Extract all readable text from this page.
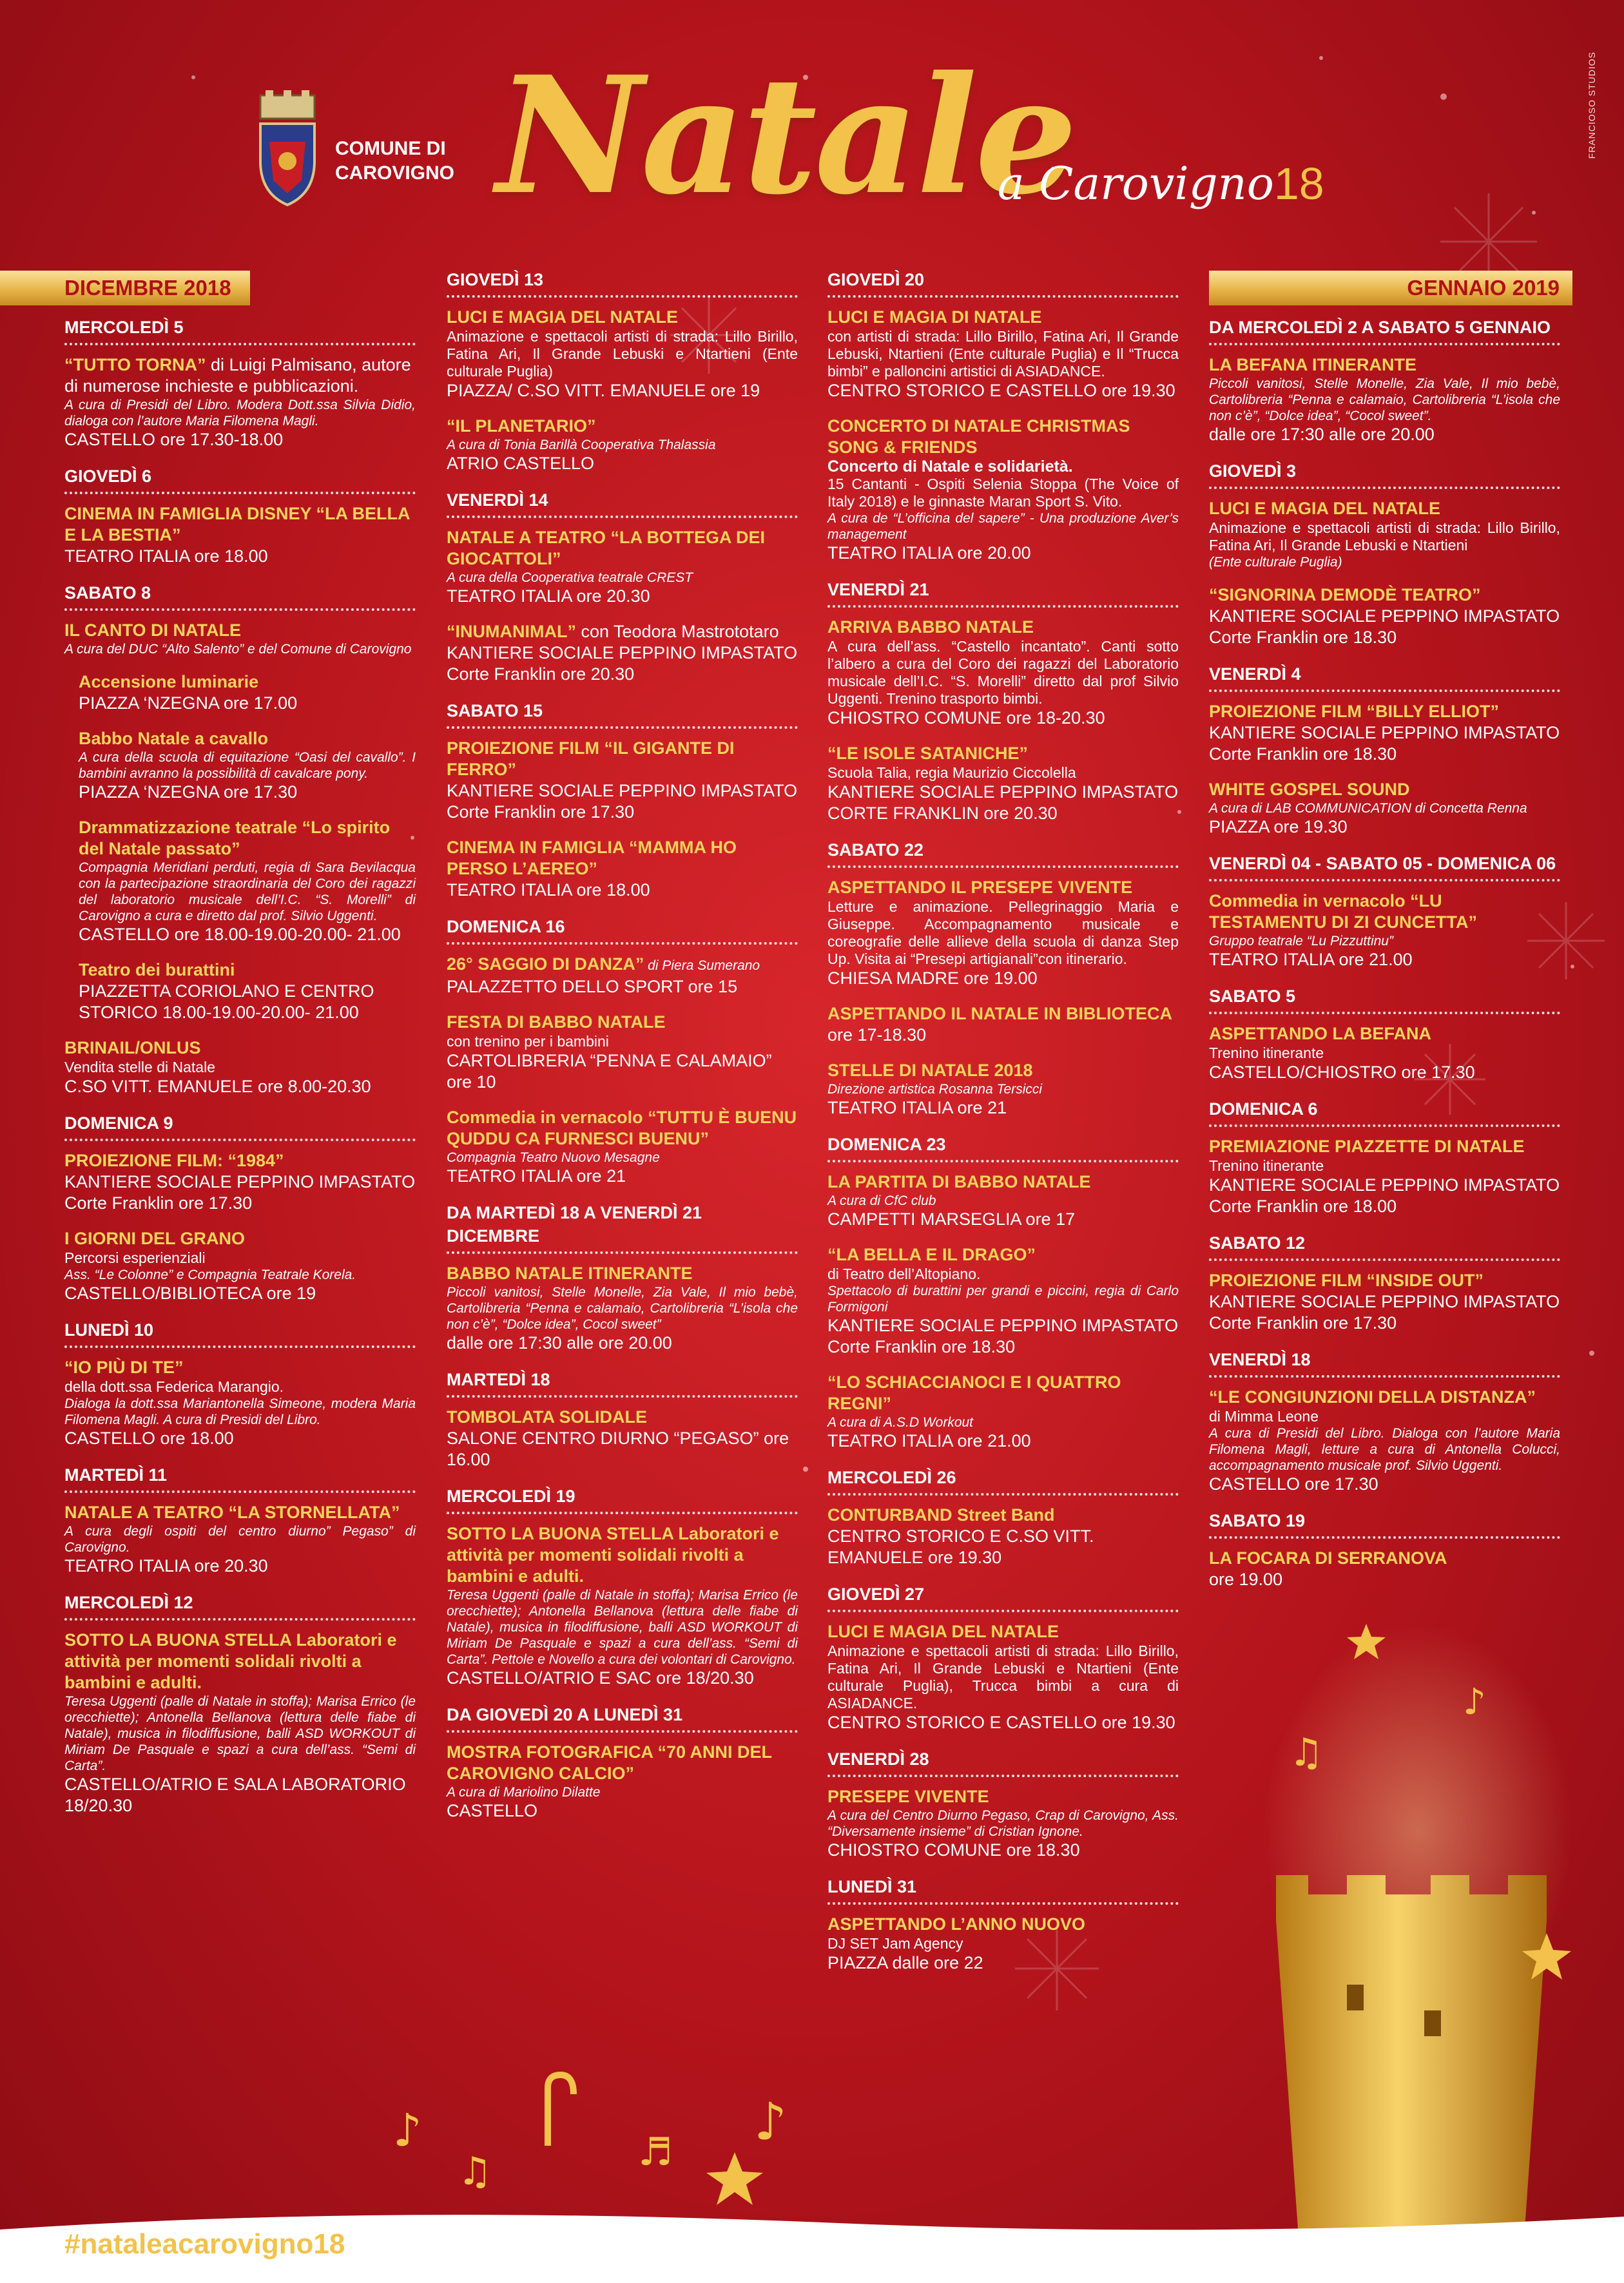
COMUNE DI
CAROVIGNO Natale
a Carovigno18
FRANCIOSO STUDIOS
DICEMBRE 2018	GENNAIO 2019
MERCOLEDÌ 5
“TUTTO TORNA” di Luigi Palmisano, autore di numerose inchieste e pubblicazioni.
A cura di Presidi del Libro. Modera Dott.ssa Silvia Didio, dialoga con l’autore Maria Filomena Magli.
CASTELLO ore 17.30-18.00
GIOVEDÌ 6
CINEMA IN FAMIGLIA DISNEY “LA BELLA E LA BESTIA”
TEATRO ITALIA ore 18.00
SABATO 8
IL CANTO DI NATALE
A cura del DUC “Alto Salento” e del Comune di Carovigno
Accensione luminarie
PIAZZA ‘NZEGNA ore 17.00
Babbo Natale a cavallo
A cura della scuola di equitazione “Oasi del cavallo”. I bambini avranno la possibilità di cavalcare pony.
PIAZZA ‘NZEGNA ore 17.30
Drammatizzazione teatrale “Lo spirito del Natale passato”
Compagnia Meridiani perduti, regia di Sara Bevilacqua con la partecipazione straordinaria del Coro dei ragazzi del laboratorio musicale dell’I.C. “S. Morelli” di Carovigno a cura e diretto dal prof. Silvio Uggenti.
CASTELLO ore 18.00-19.00-20.00- 21.00
Teatro dei burattini
PIAZZETTA CORIOLANO E CENTRO STORICO 18.00-19.00-20.00- 21.00
BRINAIL/ONLUS
Vendita stelle di Natale
C.SO VITT. EMANUELE ore 8.00-20.30
DOMENICA 9
PROIEZIONE FILM: “1984”
KANTIERE SOCIALE PEPPINO IMPASTATO Corte Franklin ore 17.30
I GIORNI DEL GRANO
Percorsi esperienziali
Ass. “Le Colonne” e Compagnia Teatrale Korela.
CASTELLO/BIBLIOTECA ore 19
LUNEDÌ 10
“IO PIÙ DI TE”
della dott.ssa Federica Marangio.
Dialoga la dott.ssa Mariantonella Simeone, modera Maria Filomena Magli. A cura di Presidi del Libro.
CASTELLO ore 18.00
MARTEDÌ 11
NATALE A TEATRO “LA STORNELLATA”
A cura degli ospiti del centro diurno” Pegaso” di Carovigno.
TEATRO ITALIA ore 20.30
MERCOLEDÌ 12
SOTTO LA BUONA STELLA Laboratori e attività per momenti solidali rivolti a bambini e adulti.
Teresa Uggenti (palle di Natale in stoffa); Marisa Errico (le orecchiette); Antonella Bellanova (lettura delle fiabe di Natale), musica in filodiffusione, balli ASD WORKOUT di Miriam De Pasquale e spazi a cura dell’ass. “Semi di Carta”.
CASTELLO/ATRIO E SALA LABORATORIO 18/20.30
GIOVEDÌ 13
LUCI E MAGIA DEL NATALE
Animazione e spettacoli artisti di strada: Lillo Birillo, Fatina Ari, Il Grande Lebuski e Ntartieni (Ente culturale Puglia)
PIAZZA/ C.SO VITT. EMANUELE ore 19
“IL PLANETARIO”
A cura di Tonia Barillà Cooperativa Thalassia
ATRIO CASTELLO
VENERDÌ 14
NATALE A TEATRO “LA BOTTEGA DEI GIOCATTOLI”
A cura della Cooperativa teatrale CREST
TEATRO ITALIA ore 20.30
“INUMANIMAL” con Teodora Mastrototaro
KANTIERE SOCIALE PEPPINO IMPASTATO Corte Franklin ore 20.30
SABATO 15
PROIEZIONE FILM “IL GIGANTE DI FERRO”
KANTIERE SOCIALE PEPPINO IMPASTATO Corte Franklin ore 17.30
CINEMA IN FAMIGLIA “MAMMA HO PERSO L’AEREO”
TEATRO ITALIA ore 18.00
DOMENICA 16
26° SAGGIO DI DANZA” di Piera Sumerano
PALAZZETTO DELLO SPORT ore 15
FESTA DI BABBO NATALE
con trenino per i bambini
CARTOLIBRERIA “PENNA E CALAMAIO” ore 10
Commedia in vernacolo “TUTTU È BUENU QUDDU CA FURNESCI BUENU”
Compagnia Teatro Nuovo Mesagne
TEATRO ITALIA ore 21
DA MARTEDÌ 18 A VENERDÌ 21 DICEMBRE
BABBO NATALE ITINERANTE
Piccoli vanitosi, Stelle Monelle, Zia Vale, Il mio bebè, Cartolibreria “Penna e calamaio, Cartolibreria “L’isola che non c’è”, “Dolce idea”, Cocol sweet”
dalle ore 17:30 alle ore 20.00
MARTEDÌ 18
TOMBOLATA SOLIDALE
SALONE CENTRO DIURNO “PEGASO” ore 16.00
MERCOLEDÌ 19
SOTTO LA BUONA STELLA Laboratori e attività per momenti solidali rivolti a bambini e adulti.
Teresa Uggenti (palle di Natale in stoffa); Marisa Errico (le orecchiette); Antonella Bellanova (lettura delle fiabe di Natale), musica in filodiffusione, balli ASD WORKOUT di Miriam De Pasquale e spazi a cura dell’ass. “Semi di Carta”. Pettole e Novello a cura dei volontari di Carovigno.
CASTELLO/ATRIO E SAC ore 18/20.30
DA GIOVEDÌ 20 A LUNEDÌ 31
MOSTRA FOTOGRAFICA “70 ANNI DEL CAROVIGNO CALCIO”
A cura di Mariolino Dilatte
CASTELLO
GIOVEDÌ 20
LUCI E MAGIA DI NATALE
con artisti di strada: Lillo Birillo, Fatina Ari, Il Grande Lebuski, Ntartieni (Ente culturale Puglia) e Il “Trucca bimbi” e palloncini artistici di ASIADANCE.
CENTRO STORICO E CASTELLO ore 19.30
CONCERTO DI NATALE CHRISTMAS SONG & FRIENDS
Concerto di Natale e solidarietà.
15 Cantanti - Ospiti Selenia Stoppa (The Voice of Italy 2018) e le ginnaste Maran Sport S. Vito.
A cura de “L’officina del sapere” - Una produzione Aver’s management
TEATRO ITALIA ore 20.00
VENERDÌ 21
ARRIVA BABBO NATALE
A cura dell’ass. “Castello incantato”. Canti sotto l’albero a cura del Coro dei ragazzi del Laboratorio musicale dell’I.C. “S. Morelli” diretto dal prof Silvio Uggenti. Trenino trasporto bimbi.
CHIOSTRO COMUNE ore 18-20.30
“LE ISOLE SATANICHE”
Scuola Talia, regia Maurizio Ciccolella
KANTIERE SOCIALE PEPPINO IMPASTATO CORTE FRANKLIN ore 20.30
SABATO 22
ASPETTANDO IL PRESEPE VIVENTE
Letture e animazione. Pellegrinaggio Maria e Giuseppe. Accompagnamento musicale e coreografie delle allieve della scuola di danza Step Up. Visita ai “Presepi artigianali”con itinerario.
CHIESA MADRE ore 19.00
ASPETTANDO IL NATALE IN BIBLIOTECA
ore 17-18.30
STELLE DI NATALE 2018
Direzione artistica Rosanna Tersicci
TEATRO ITALIA ore 21
DOMENICA 23
LA PARTITA DI BABBO NATALE
A cura di CfC club
CAMPETTI MARSEGLIA ore 17
“LA BELLA E IL DRAGO”
di Teatro dell’Altopiano.
Spettacolo di burattini per grandi e piccini, regia di Carlo Formigoni
KANTIERE SOCIALE PEPPINO IMPASTATO Corte Franklin ore 18.30
“LO SCHIACCIANOCI E I QUATTRO REGNI”
A cura di A.S.D Workout
TEATRO ITALIA ore 21.00
MERCOLEDÌ 26
CONTURBAND Street Band
CENTRO STORICO E C.SO VITT. EMANUELE ore 19.30
GIOVEDÌ 27
LUCI E MAGIA DEL NATALE
Animazione e spettacoli artisti di strada: Lillo Birillo, Fatina Ari, Il Grande Lebuski e Ntartieni (Ente culturale Puglia), Trucca bimbi a cura di ASIADANCE.
CENTRO STORICO E CASTELLO ore 19.30
VENERDÌ 28
PRESEPE VIVENTE
A cura del Centro Diurno Pegaso, Crap di Carovigno, Ass. “Diversamente insieme” di Cristian Ignone.
CHIOSTRO COMUNE ore 18.30
LUNEDÌ 31
ASPETTANDO L’ANNO NUOVO
DJ SET Jam Agency
PIAZZA dalle ore 22
DA MERCOLEDÌ 2 A SABATO 5 GENNAIO
LA BEFANA ITINERANTE
Piccoli vanitosi, Stelle Monelle, Zia Vale, Il mio bebè, Cartolibreria “Penna e calamaio, Cartolibreria “L’isola che non c’è”, “Dolce idea”, “Cocol sweet”.
dalle ore 17:30 alle ore 20.00
GIOVEDÌ 3
LUCI E MAGIA DEL NATALE
Animazione e spettacoli artisti di strada: Lillo Birillo, Fatina Ari, Il Grande Lebuski e Ntartieni
(Ente culturale Puglia)
“SIGNORINA DEMODÈ TEATRO”
KANTIERE SOCIALE PEPPINO IMPASTATO Corte Franklin ore 18.30
VENERDÌ 4
PROIEZIONE FILM “BILLY ELLIOT”
KANTIERE SOCIALE PEPPINO IMPASTATO Corte Franklin ore 18.30
WHITE GOSPEL SOUND
A cura di LAB COMMUNICATION di Concetta Renna
PIAZZA ore 19.30
VENERDÌ 04 - SABATO 05 - DOMENICA 06
Commedia in vernacolo “LU TESTAMENTU DI ZI CUNCETTA”
Gruppo teatrale “Lu Pizzuttinu”
TEATRO ITALIA ore 21.00
SABATO 5
ASPETTANDO LA BEFANA
Trenino itinerante
CASTELLO/CHIOSTRO ore 17.30
DOMENICA 6
PREMIAZIONE PIAZZETTE DI NATALE
Trenino itinerante
KANTIERE SOCIALE PEPPINO IMPASTATO Corte Franklin ore 18.00
SABATO 12
PROIEZIONE FILM “INSIDE OUT”
KANTIERE SOCIALE PEPPINO IMPASTATO Corte Franklin ore 17.30
VENERDÌ 18
“LE CONGIUNZIONI DELLA DISTANZA”
di Mimma Leone
A cura di Presidi del Libro. Dialoga con l’autore Maria Filomena Magli, letture a cura di Antonella Colucci, accompagnamento musicale prof. Silvio Uggenti.
CASTELLO ore 17.30
SABATO 19
LA FOCARA DI SERRANOVA
ore 19.00
♪
♫	♬
♪
♫
♪
#nataleacarovigno18
